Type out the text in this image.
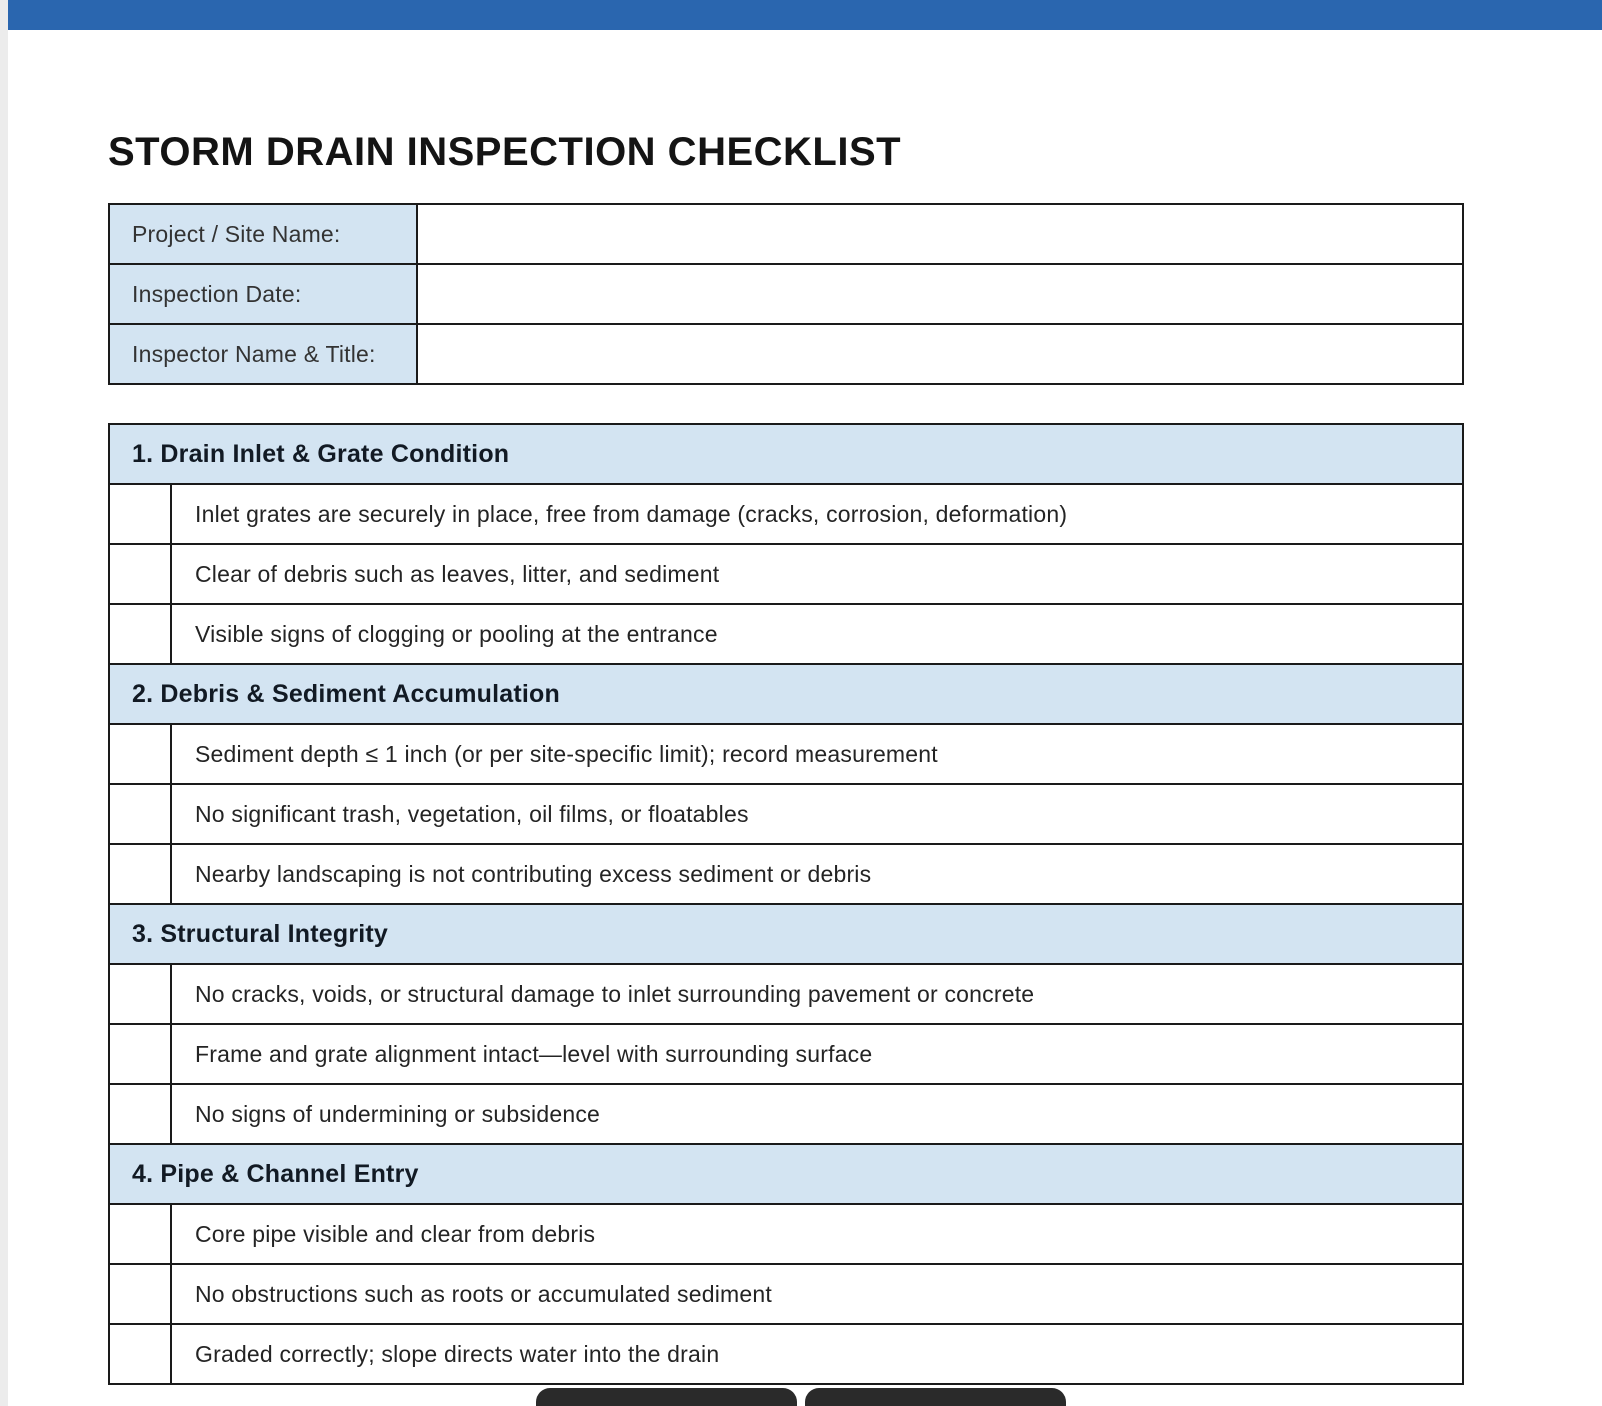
STORM DRAIN INSPECTION CHECKLIST
Project / Site Name:	
Inspection Date:	
Inspector Name & Title:	
1. Drain Inlet & Grate Condition	
	Inlet grates are securely in place, free from damage (cracks, corrosion, deformation)
	Clear of debris such as leaves, litter, and sediment
	Visible signs of clogging or pooling at the entrance
2. Debris & Sediment Accumulation	
	Sediment depth ≤ 1 inch (or per site-specific limit); record measurement
	No significant trash, vegetation, oil films, or floatables
	Nearby landscaping is not contributing excess sediment or debris
3. Structural Integrity	
	No cracks, voids, or structural damage to inlet surrounding pavement or concrete
	Frame and grate alignment intact—level with surrounding surface
	No signs of undermining or subsidence
4. Pipe & Channel Entry	
	Core pipe visible and clear from debris
	No obstructions such as roots or accumulated sediment
	Graded correctly; slope directs water into the drain
